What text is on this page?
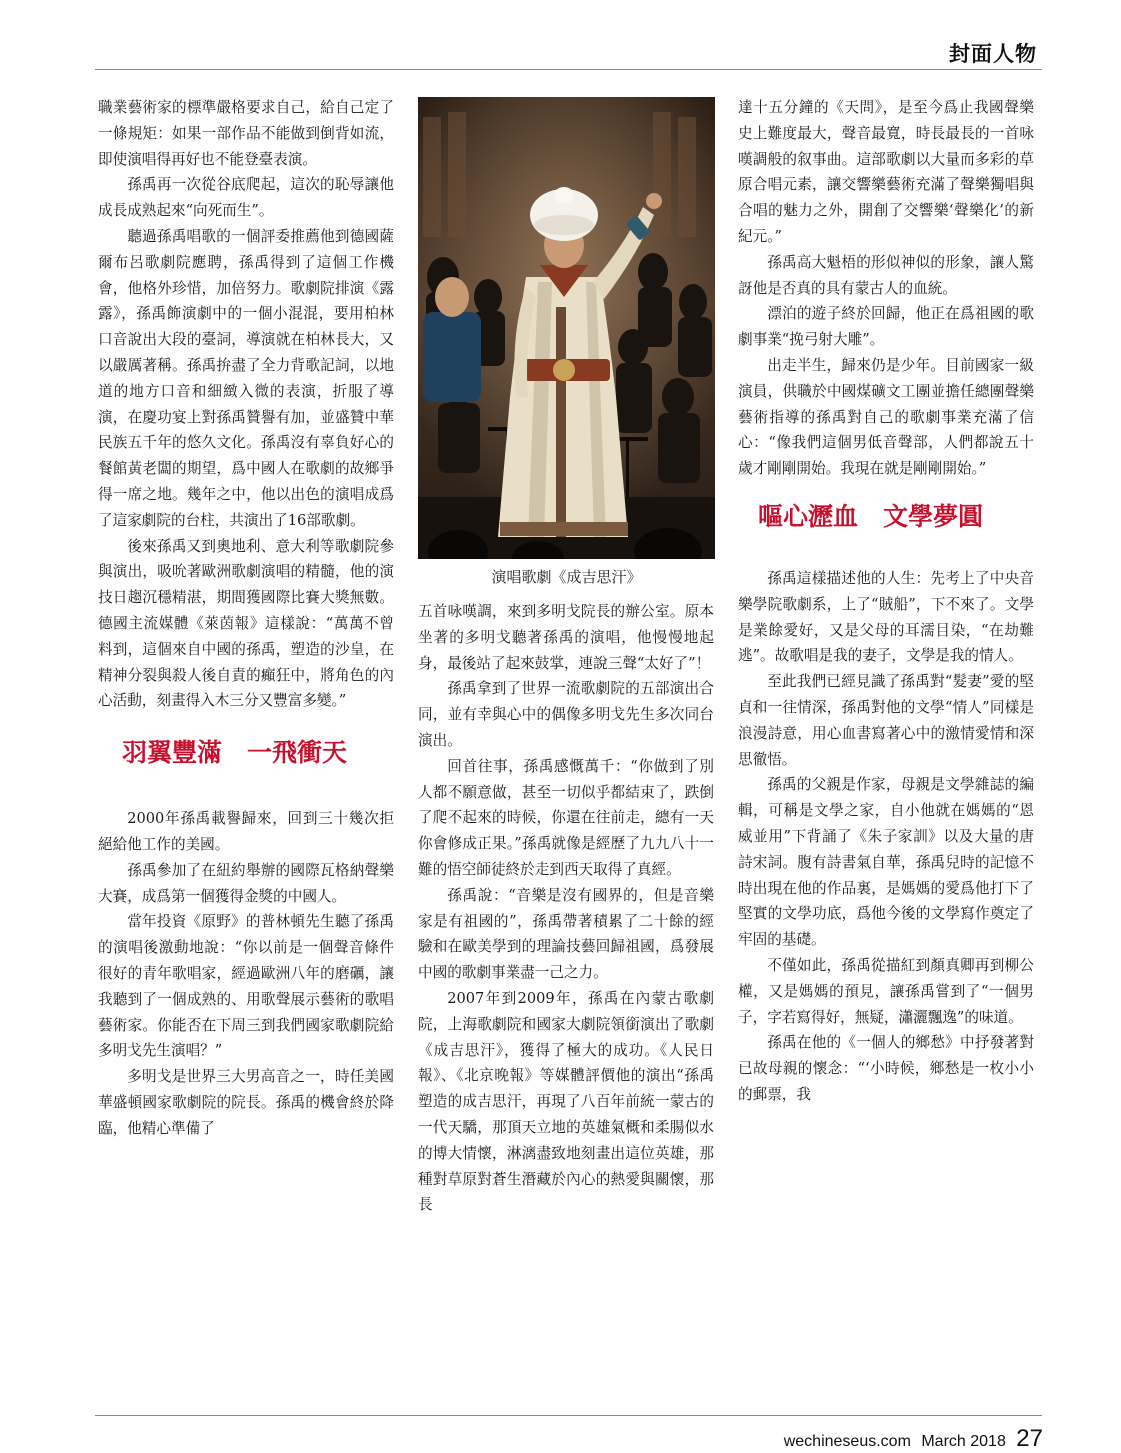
封面人物

職業藝術家的標準嚴格要求自己，給自己定了一條規矩：如果一部作品不能做到倒背如流，即使演唱得再好也不能登臺表演。

孫禹再一次從谷底爬起，這次的恥辱讓他成長成熟起來“向死而生”。

聽過孫禹唱歌的一個評委推薦他到德國薩爾布呂歌劇院應聘，孫禹得到了這個工作機會，他格外珍惜，加倍努力。歌劇院排演《露露》，孫禹飾演劇中的一個小混混，要用柏林口音說出大段的臺詞，導演就在柏林長大，又以嚴厲著稱。孫禹拚盡了全力背歌記詞，以地道的地方口音和細緻入微的表演，折服了導演，在慶功宴上對孫禹贊譽有加，並盛贊中華民族五千年的悠久文化。孫禹沒有辜負好心的餐館黃老闆的期望，爲中國人在歌劇的故鄉爭得一席之地。幾年之中，他以出色的演唱成爲了這家劇院的台柱，共演出了16部歌劇。

後來孫禹又到奧地利、意大利等歌劇院參與演出，吸吮著歐洲歌劇演唱的精髓，他的演技日趨沉穩精湛，期間獲國際比賽大獎無數。德國主流媒體《萊茵報》這樣說：“萬萬不曾料到，這個來自中國的孫禹，塑造的沙皇，在精神分裂與殺人後自責的癲狂中，將角色的內心活動，刻畫得入木三分又豐富多變。”

羽翼豐滿　一飛衝天

2000年孫禹載譽歸來，回到三十幾次拒絕給他工作的美國。

孫禹參加了在紐約舉辦的國際瓦格納聲樂大賽，成爲第一個獲得金獎的中國人。

當年投資《原野》的普林頓先生聽了孫禹的演唱後激動地說：“你以前是一個聲音條件很好的青年歌唱家，經過歐洲八年的磨礪，讓我聽到了一個成熟的、用歌聲展示藝術的歌唱藝術家。你能否在下周三到我們國家歌劇院給多明戈先生演唱？”

多明戈是世界三大男高音之一，時任美國華盛頓國家歌劇院的院長。孫禹的機會終於降臨，他精心準備了

演唱歌劇《成吉思汗》

五首咏嘆調，來到多明戈院長的辦公室。原本坐著的多明戈聽著孫禹的演唱，他慢慢地起身，最後站了起來鼓掌，連說三聲“太好了”！

孫禹拿到了世界一流歌劇院的五部演出合同，並有幸與心中的偶像多明戈先生多次同台演出。

回首往事，孫禹感慨萬千：“你做到了別人都不願意做，甚至一切似乎都結束了，跌倒了爬不起來的時候，你還在往前走，總有一天你會修成正果。”孫禹就像是經歷了九九八十一難的悟空師徒終於走到西天取得了真經。

孫禹說：“音樂是沒有國界的，但是音樂家是有祖國的”，孫禹帶著積累了二十餘的經驗和在歐美學到的理論技藝回歸祖國，爲發展中國的歌劇事業盡一己之力。

2007年到2009年，孫禹在內蒙古歌劇院，上海歌劇院和國家大劇院領銜演出了歌劇《成吉思汗》，獲得了極大的成功。《人民日報》、《北京晚報》等媒體評價他的演出“孫禹塑造的成吉思汗，再現了八百年前統一蒙古的一代天驕，那頂天立地的英雄氣概和柔腸似水的博大情懷，淋漓盡致地刻畫出這位英雄，那種對草原對蒼生潛藏於內心的熱愛與關懷，那長

達十五分鐘的《天問》，是至今爲止我國聲樂史上難度最大，聲音最寬，時長最長的一首咏嘆調般的叙事曲。這部歌劇以大量而多彩的草原合唱元素，讓交響樂藝術充滿了聲樂獨唱與合唱的魅力之外，開創了交響樂‘聲樂化’的新紀元。”

孫禹高大魁梧的形似神似的形象，讓人驚訝他是否真的具有蒙古人的血統。

漂泊的遊子終於回歸，他正在爲祖國的歌劇事業“挽弓射大雕”。

出走半生，歸來仍是少年。目前國家一級演員，供職於中國煤礦文工團並擔任總團聲樂藝術指導的孫禹對自己的歌劇事業充滿了信心：“像我們這個男低音聲部，人們都說五十歲才剛剛開始。我現在就是剛剛開始。”

嘔心瀝血　文學夢圓

孫禹這樣描述他的人生：先考上了中央音樂學院歌劇系，上了“賊船”，下不來了。文學是業餘愛好，又是父母的耳濡目染，“在劫難逃”。故歌唱是我的妻子，文學是我的情人。

至此我們已經見識了孫禹對“髮妻”愛的堅貞和一往情深，孫禹對他的文學“情人”同樣是浪漫詩意，用心血書寫著心中的激情愛情和深思徹悟。

孫禹的父親是作家，母親是文學雜誌的編輯，可稱是文學之家，自小他就在媽媽的“恩威並用”下背誦了《朱子家訓》以及大量的唐詩宋詞。腹有詩書氣自華，孫禹兒時的記憶不時出現在他的作品裏，是媽媽的愛爲他打下了堅實的文學功底，爲他今後的文學寫作奠定了牢固的基礎。

不僅如此，孫禹從描紅到顏真卿再到柳公權，又是媽媽的預見，讓孫禹嘗到了“一個男子，字若寫得好，無疑，瀟灑飄逸”的味道。

孫禹在他的《一個人的鄉愁》中抒發著對已故母親的懷念：“‘小時候，鄉愁是一枚小小的郵票，我

wechineseus.com March 2018 27
